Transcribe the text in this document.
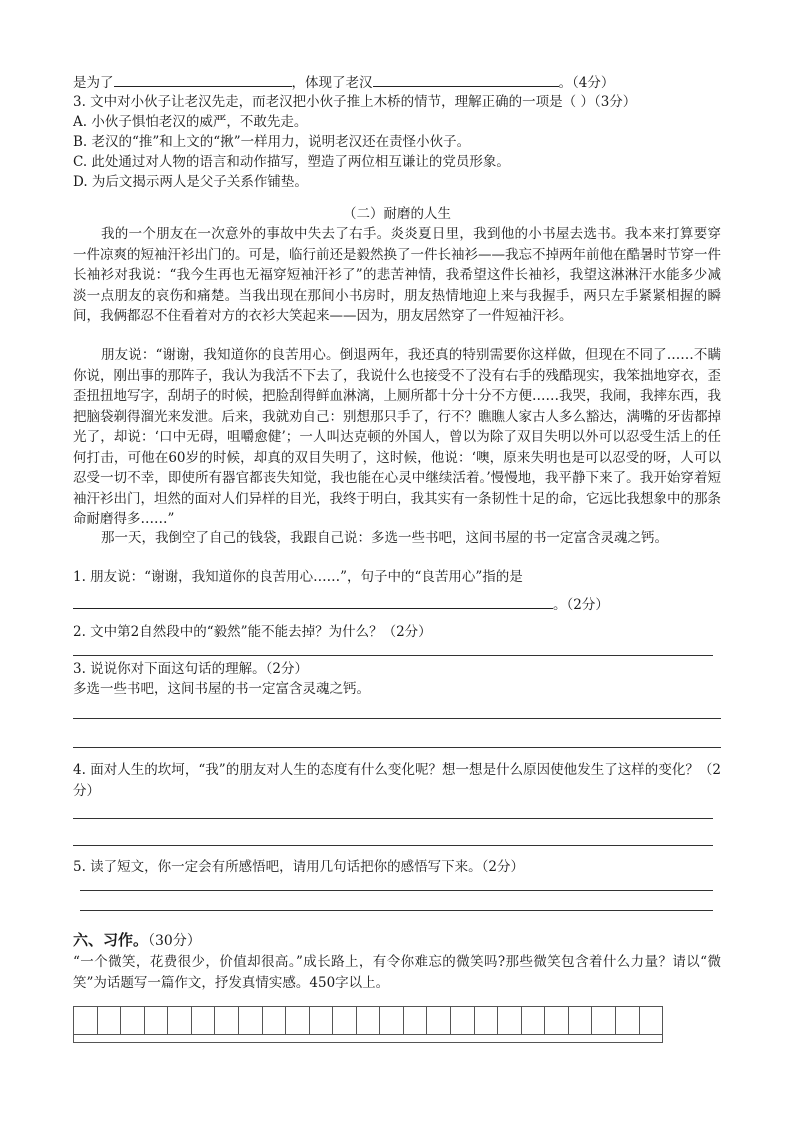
是为了	，体现了老汉	。（4分）
3. 文中对小伙子让老汉先走，而老汉把小伙子推上木桥的情节，理解正确的一项是（ ）（3分）
A. 小伙子惧怕老汉的威严，不敢先走。
B. 老汉的“推”和上文的“揪”一样用力，说明老汉还在责怪小伙子。
C. 此处通过对人物的语言和动作描写，塑造了两位相互谦让的党员形象。
D. 为后文揭示两人是父子关系作铺垫。
（二）耐磨的人生
我的一个朋友在一次意外的事故中失去了右手。炎炎夏日里，我到他的小书屋去选书。我本来打算要穿一件凉爽的短袖汗衫出门的。可是，临行前还是毅然换了一件长袖衫——我忘不掉两年前他在酷暑时节穿一件长袖衫对我说：“我今生再也无福穿短袖汗衫了”的悲苦神情，我希望这件长袖衫，我望这淋淋汗水能多少减淡一点朋友的哀伤和痛楚。当我出现在那间小书房时，朋友热情地迎上来与我握手，两只左手紧紧相握的瞬间，我俩都忍不住看着对方的衣衫大笑起来——因为，朋友居然穿了一件短袖汗衫。
朋友说：“谢谢，我知道你的良苦用心。倒退两年，我还真的特别需要你这样做，但现在不同了……不瞒你说，刚出事的那阵子，我认为我活不下去了，我说什么也接受不了没有右手的残酷现实，我笨拙地穿衣，歪歪扭扭地写字，刮胡子的时候，把脸刮得鲜血淋漓，上厕所都十分十分不方便……我哭，我闹，我摔东西，我把脑袋剃得溜光来发泄。后来，我就劝自己：别想那只手了，行不？瞧瞧人家古人多么豁达，满嘴的牙齿都掉光了，却说：‘口中无碍，咀嚼愈健’；一人叫达克顿的外国人，曾以为除了双目失明以外可以忍受生活上的任何打击，可他在60岁的时候，却真的双目失明了，这时候，他说：‘噢，原来失明也是可以忍受的呀，人可以忍受一切不幸，即使所有器官都丧失知觉，我也能在心灵中继续活着。’慢慢地，我平静下来了。我开始穿着短袖汗衫出门，坦然的面对人们异样的目光，我终于明白，我其实有一条韧性十足的命，它远比我想象中的那条命耐磨得多……”
那一天，我倒空了自己的钱袋，我跟自己说：多选一些书吧，这间书屋的书一定富含灵魂之钙。
1. 朋友说：“谢谢，我知道你的良苦用心……”，句子中的“良苦用心”指的是
。（2分）
2. 文中第2自然段中的“毅然”能不能去掉？为什么？（2分）
3. 说说你对下面这句话的理解。（2分）
多选一些书吧，这间书屋的书一定富含灵魂之钙。
4. 面对人生的坎坷，“我”的朋友对人生的态度有什么变化呢？想一想是什么原因使他发生了这样的变化？（2分）
5. 读了短文，你一定会有所感悟吧，请用几句话把你的感悟写下来。（2分）
六、习作。（30分）
“一个微笑，花费很少，价值却很高。”成长路上，有令你难忘的微笑吗?那些微笑包含着什么力量？请以“微笑”为话题写一篇作文，抒发真情实感。450字以上。
